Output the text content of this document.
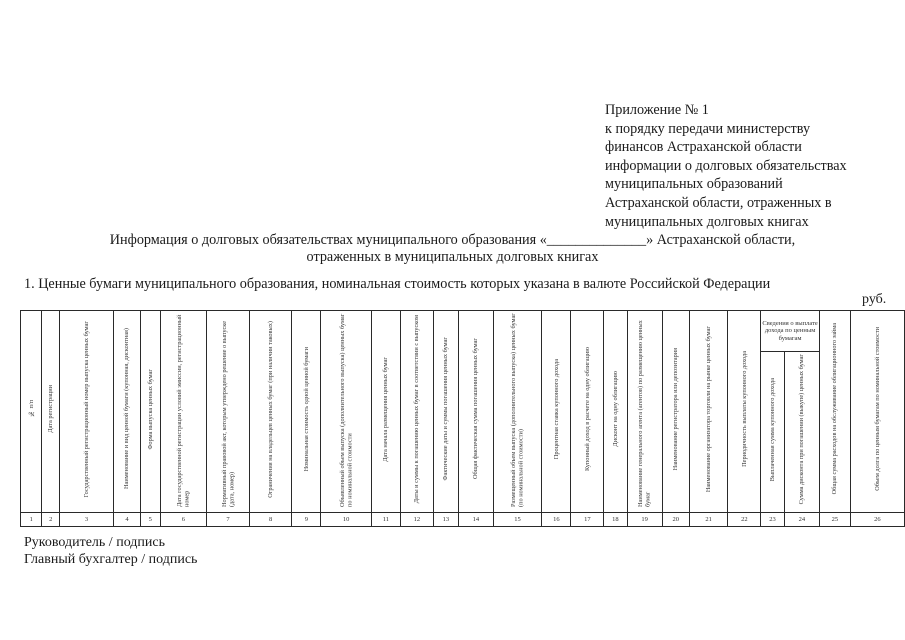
Приложение № 1
к порядку передачи министерству
финансов Астраханской области
информации о долговых обязательствах
муниципальных образований
Астраханской области, отраженных в
муниципальных долговых книгах
Информация о долговых обязательствах муниципального образования «______________» Астраханской области,
отраженных в муниципальных долговых книгах
1. Ценные бумаги муниципального образования, номинальная стоимость которых указана в валюте Российской Федерации
руб.
№ п/п	Дата регистрации	Государственный регистрационный номер выпуска ценных бумаг	Наименование и вид ценной бумаги (купонная, дисконтная)	Форма выпуска ценных бумаг	Дата государственной регистрации условий эмиссии, регистрационный номер	Нормативный правовой акт, которым утверждено решение о выпуске (дата, номер)	Ограничения на владельцев ценных бумаг (при наличии таковых)	Номинальная стоимость одной ценной бумаги	Объявленный объем выпуска (дополнительного выпуска) ценных бумаг по номинальной стоимости	Дата начала размещения ценных бумаг	Даты и суммы к погашению ценных бумаг в соответствии с выпуском	Фактические даты и суммы погашения ценных бумаг	Общая фактическая сумма погашения ценных бумаг	Размещенный объем выпуска (дополнительного выпуска) ценных бумаг (по номинальной стоимости)	Процентная ставка купонного дохода	Купонный доход в расчете на одну облигацию	Дисконт на одну облигацию	Наименование генерального агента (агентов) по размещению ценных бумаг	Наименование регистратора или депозитария	Наименование организатора торговли на рынке ценных бумаг	Периодичность выплаты купонного дохода	Сведения о выплате дохода по ценным бумагам		Общая сумма расходов на обслуживание облигационного займа	Объем долга по ценным бумагам по номинальной стоимости
																						Выплаченная сумма купонного дохода	Сумма дисконта при погашении (выкупе) ценных бумаг		
1	2	3	4	5	6	7	8	9	10	11	12	13	14	15	16	17	18	19	20	21	22	23	24	25	26
Руководитель / подпись
Главный бухгалтер / подпись
